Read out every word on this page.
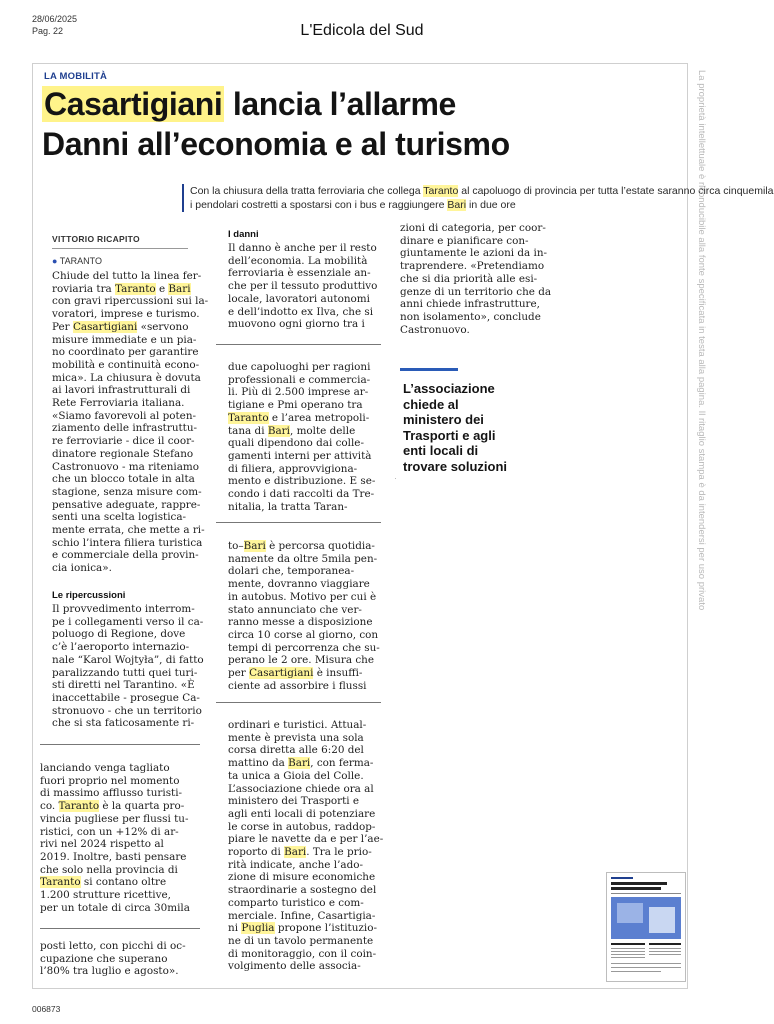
28/06/2025
Pag. 22	L'Edicola del Sud
LA MOBILITÀ
Casartigiani lancia l’allarme
Danni all’economia e al turismo
Con la chiusura della tratta ferroviaria che collega Taranto al capoluogo di provincia per tutta l’estate saranno circa cinquemila
i pendolari costretti a spostarsi con i bus e raggiungere Bari in due ore
VITTORIO RICAPITO
● TARANTO
Chiude del tutto la linea fer-
roviaria tra Taranto e Bari
con gravi ripercussioni sui la-
voratori, imprese e turismo.
Per Casartigiani «servono
misure immediate e un pia-
no coordinato per garantire
mobilità e continuità econo-
mica». La chiusura è dovuta
ai lavori infrastrutturali di
Rete Ferroviaria italiana.
«Siamo favorevoli al poten-
ziamento delle infrastruttu-
re ferroviarie - dice il coor-
dinatore regionale Stefano
Castronuovo - ma riteniamo
che un blocco totale in alta
stagione, senza misure com-
pensative adeguate, rappre-
senti una scelta logistica-
mente errata, che mette a ri-
schio l’intera filiera turistica
e commerciale della provin-
cia ionica».
Le ripercussioni
Il provvedimento interrom-
pe i collegamenti verso il ca-
poluogo di Regione, dove
c’è l’aeroporto internazio-
nale “Karol Wojtyła”, di fatto
paralizzando tutti quei turi-
sti diretti nel Tarantino. «È
inaccettabile - prosegue Ca-
stronuovo - che un territorio
che si sta faticosamente ri-
lanciando venga tagliato
fuori proprio nel momento
di massimo afflusso turisti-
co. Taranto è la quarta pro-
vincia pugliese per flussi tu-
ristici, con un +12% di ar-
rivi nel 2024 rispetto al
2019. Inoltre, basti pensare
che solo nella provincia di
Taranto si contano oltre
1.200 strutture ricettive,
per un totale di circa 30mila
posti letto, con picchi di oc-
cupazione che superano
l’80% tra luglio e agosto».
I danni
Il danno è anche per il resto
dell’economia. La mobilità
ferroviaria è essenziale an-
che per il tessuto produttivo
locale, lavoratori autonomi
e dell’indotto ex Ilva, che si
muovono ogni giorno tra i
due capoluoghi per ragioni
professionali e commercia-
li. Più di 2.500 imprese ar-
tigiane e Pmi operano tra
Taranto e l’area metropoli-
tana di Bari, molte delle
quali dipendono dai colle-
gamenti interni per attività
di filiera, approvvigiona-
mento e distribuzione. E se-
condo i dati raccolti da Tre-
nitalia, la tratta Taran-
to–Bari è percorsa quotidia-
namente da oltre 5mila pen-
dolari che, temporanea-
mente, dovranno viaggiare
in autobus. Motivo per cui è
stato annunciato che ver-
ranno messe a disposizione
circa 10 corse al giorno, con
tempi di percorrenza che su-
perano le 2 ore. Misura che
per Casartigiani è insuffi-
ciente ad assorbire i flussi
ordinari e turistici. Attual-
mente è prevista una sola
corsa diretta alle 6:20 del
mattino da Bari, con ferma-
ta unica a Gioia del Colle.
L’associazione chiede ora al
ministero dei Trasporti e
agli enti locali di potenziare
le corse in autobus, raddop-
piare le navette da e per l’ae-
roporto di Bari. Tra le prio-
rità indicate, anche l’ado-
zione di misure economiche
straordinarie a sostegno del
comparto turistico e com-
merciale. Infine, Casartigia-
ni Puglia propone l’istituzio-
ne di un tavolo permanente
di monitoraggio, con il coin-
volgimento delle associa-
zioni di categoria, per coor-
dinare e pianificare con-
giuntamente le azioni da in-
traprendere. «Pretendiamo
che si dia priorità alle esi-
genze di un territorio che da
anni chiede infrastrutture,
non isolamento», conclude
Castronuovo.
L’associazione
chiede al
ministero dei
Trasporti e agli
enti locali di
trovare soluzioni	La proprietà intellettuale è riconducibile alla fonte specificata in testa alla pagina. Il ritaglio stampa è da intendersi per uso privato
006873
